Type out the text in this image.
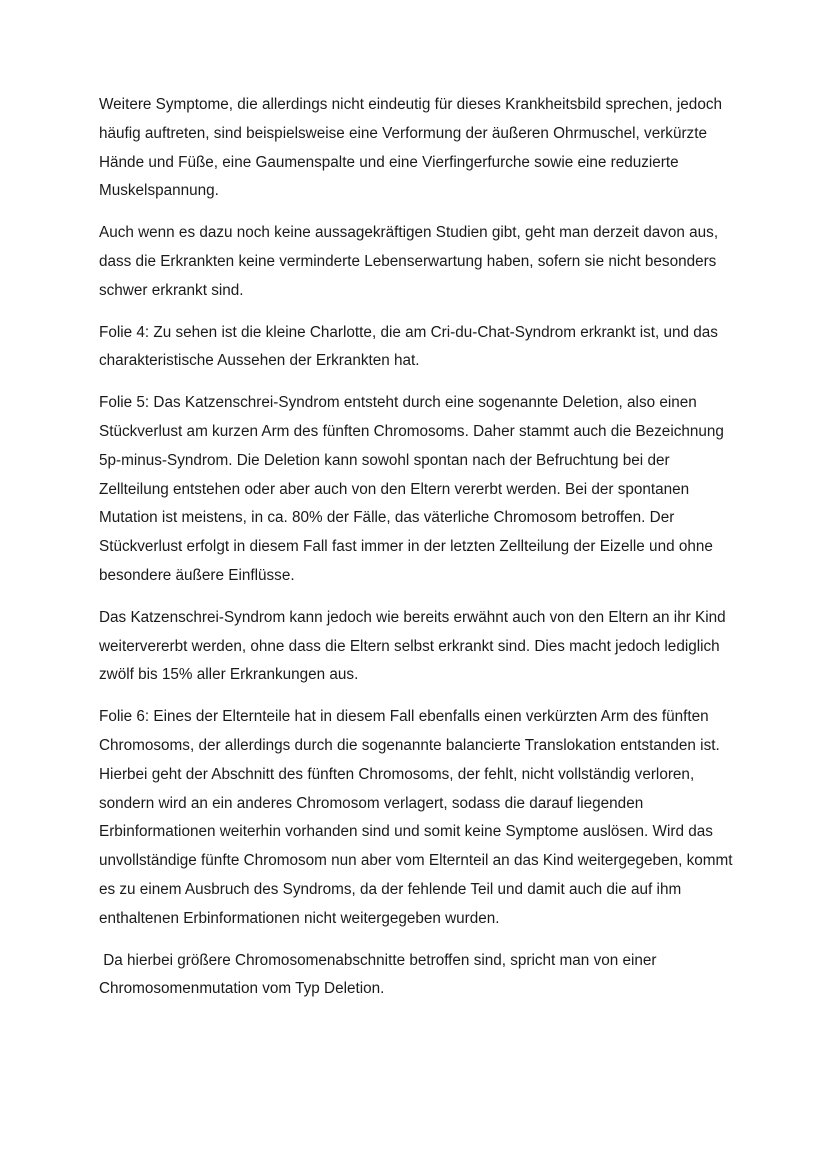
Weitere Symptome, die allerdings nicht eindeutig für dieses Krankheitsbild sprechen, jedoch häufig auftreten, sind beispielsweise eine Verformung der äußeren Ohrmuschel, verkürzte Hände und Füße, eine Gaumenspalte und eine Vierfingerfurche sowie eine reduzierte Muskelspannung.

Auch wenn es dazu noch keine aussagekräftigen Studien gibt, geht man derzeit davon aus, dass die Erkrankten keine verminderte Lebenserwartung haben, sofern sie nicht besonders schwer erkrankt sind.

Folie 4: Zu sehen ist die kleine Charlotte, die am Cri-du-Chat-Syndrom erkrankt ist, und das charakteristische Aussehen der Erkrankten hat.

Folie 5: Das Katzenschrei-Syndrom entsteht durch eine sogenannte Deletion, also einen Stückverlust am kurzen Arm des fünften Chromosoms. Daher stammt auch die Bezeichnung 5p-minus-Syndrom. Die Deletion kann sowohl spontan nach der Befruchtung bei der Zellteilung entstehen oder aber auch von den Eltern vererbt werden. Bei der spontanen Mutation ist meistens, in ca. 80% der Fälle, das väterliche Chromosom betroffen. Der Stückverlust erfolgt in diesem Fall fast immer in der letzten Zellteilung der Eizelle und ohne besondere äußere Einflüsse.

Das Katzenschrei-Syndrom kann jedoch wie bereits erwähnt auch von den Eltern an ihr Kind weitervererbt werden, ohne dass die Eltern selbst erkrankt sind. Dies macht jedoch lediglich zwölf bis 15% aller Erkrankungen aus.

Folie 6: Eines der Elternteile hat in diesem Fall ebenfalls einen verkürzten Arm des fünften Chromosoms, der allerdings durch die sogenannte balancierte Translokation entstanden ist. Hierbei geht der Abschnitt des fünften Chromosoms, der fehlt, nicht vollständig verloren, sondern wird an ein anderes Chromosom verlagert, sodass die darauf liegenden Erbinformationen weiterhin vorhanden sind und somit keine Symptome auslösen. Wird das unvollständige fünfte Chromosom nun aber vom Elternteil an das Kind weitergegeben, kommt es zu einem Ausbruch des Syndroms, da der fehlende Teil und damit auch die auf ihm enthaltenen Erbinformationen nicht weitergegeben wurden.

Da hierbei größere Chromosomenabschnitte betroffen sind, spricht man von einer Chromosomenmutation vom Typ Deletion.
